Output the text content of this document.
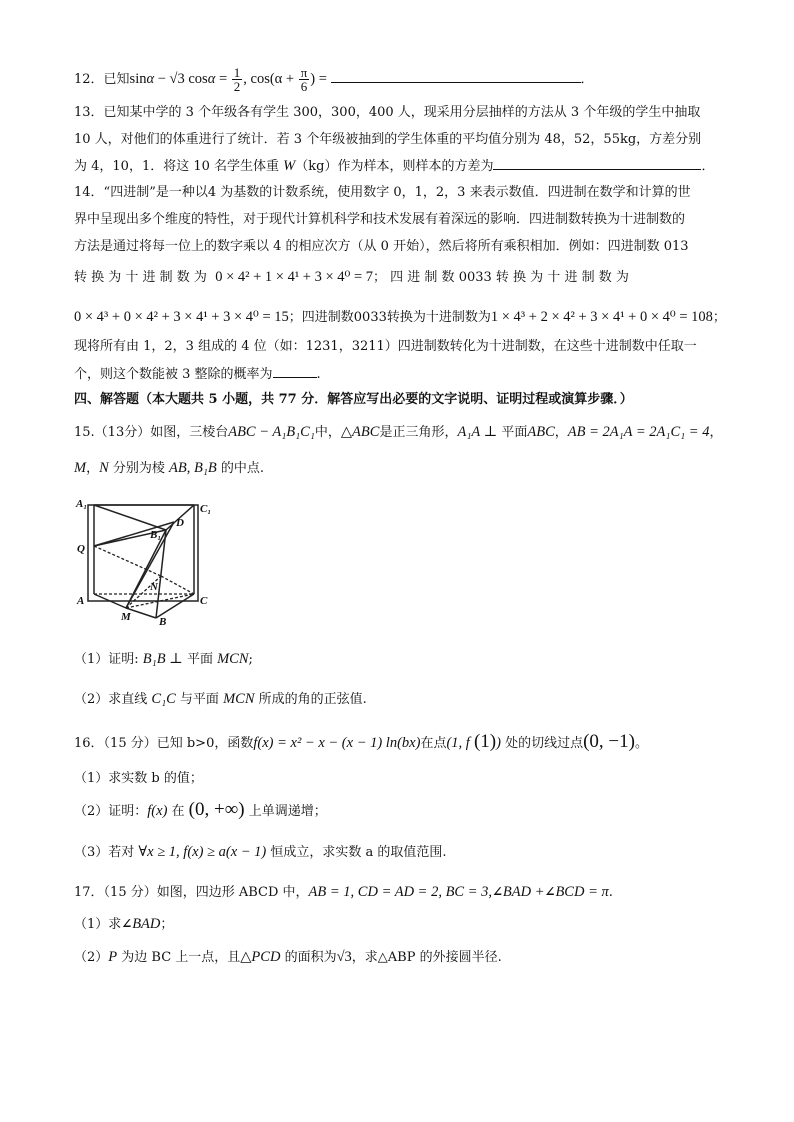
12．已知sinα − √3 $\cos\alpha = \frac{1}{2}$ , $\cos(\alpha + \frac{\pi}{6}$ ) =	．
13．已知某中学的 3 个年级各有学生 300，300，400 人，现采用分层抽样的方法从 3 个年级的学生中抽取
10 人，对他们的体重进行了统计．若 3 个年级被抽到的学生体重的平均值分别为 48，52，55kg，方差分别
为 4，10，1．将这 10 名学生体重 W（kg）作为样本，则样本的方差为	．
14．“四进制”是一种以4 为基数的计数系统，使用数字 0，1，2，3 来表示数值．四进制在数学和计算的世
界中呈现出多个维度的特性，对于现代计算机科学和技术发展有着深远的影响．四进制数转换为十进制数的
方法是通过将每一位上的数字乘以 4 的相应次方（从 0 开始），然后将所有乘积相加．例如：四进制数 013
转 换 为 十 进 制 数 为 0 × 4² + 1 × 4¹ + 3 × 4⁰ = 7； 四 进 制 数 0033 转 换 为 十 进 制 数 为
0 × 4³ + 0 × 4² + 3 × 4¹ + 3 × 4⁰ = 15；四进制数0033转换为十进制数为1 × 4³ + 2 × 4² + 3 × 4¹ + 0 × 4⁰ = 108；
现将所有由 1，2，3 组成的 4 位（如：1231，3211）四进制数转化为十进制数，在这些十进制数中任取一
个，则这个数能被 3 整除的概率为	.
四、解答题（本大题共 5 小题，共 77 分．解答应写出必要的文字说明、证明过程或演算步骤．）
15.（13分）如图，三棱台ABC − A₁B₁C₁中，△ABC是正三角形，A₁A ⊥ 平面ABC，AB = 2A₁A = 2A₁C₁ = 4，
M，N 分别为棱 AB, B₁B 的中点.
A₁	C₁
B₁
D
Q
A	C
N
M	B
（1）证明: B₁B ⊥ 平面 MCN;
（2）求直线 C₁C 与平面 MCN 所成的角的正弦值.
16．（15 分）已知 b>0，函数f(x) = x² − x − (x − 1) ln(bx)在点(1, f (1)) 处的切线过点(0, −1)。
（1）求实数 b 的值；
（2）证明：f(x) 在 (0, +∞) 上单调递增；
（3）若对 ∀x ≥ 1, f(x) ≥ a(x − 1) 恒成立，求实数 a 的取值范围.
17．（15 分）如图，四边形 ABCD 中，AB = 1, CD = AD = 2, BC = 3,∠BAD +∠BCD = π.
（1）求∠BAD；
（2）P 为边 BC 上一点，且△PCD 的面积为√3，求△ABP 的外接圆半径.
